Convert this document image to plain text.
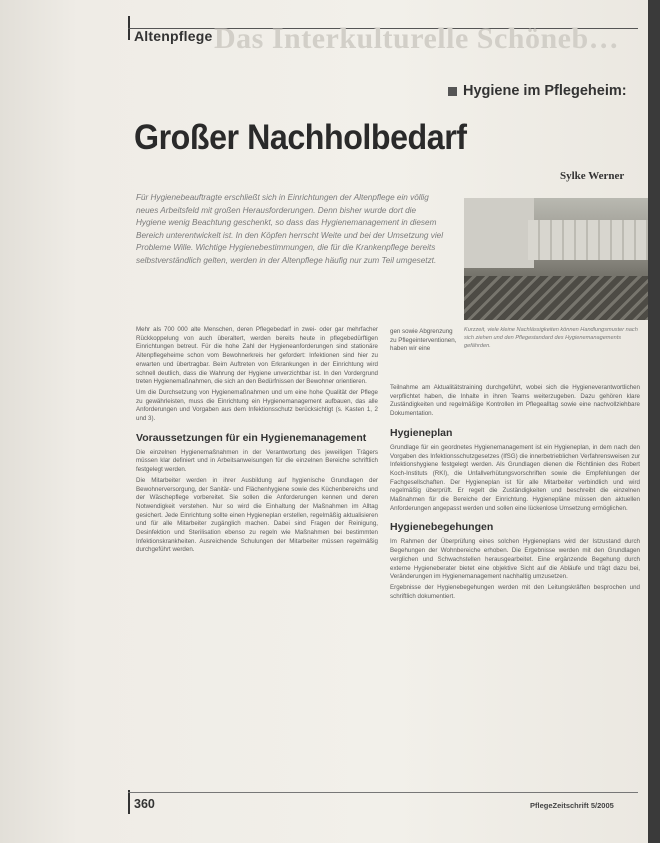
Altenpflege Das Interkulturelle Schöneb…
Hygiene im Pflegeheim:
Großer Nachholbedarf
Sylke Werner
Für Hygienebeauftragte erschließt sich in Einrichtungen der Altenpflege ein völlig neues Arbeitsfeld mit großen Herausforderungen. Denn bisher wurde dort die Hygiene wenig Beachtung geschenkt, so dass das Hygienemanagement in diesem Bereich unterentwickelt ist. In den Köpfen herrscht Weite und bei der Umsetzung viel Probleme Wille. Wichtige Hygienebestimmungen, die für die Krankenpflege bereits selbstverständlich gelten, werden in der Altenpflege häufig nur zum Teil umgesetzt.
Kurzzeit, viele kleine Nachlässigkeiten können Handlungsmuster nach sich ziehen und den Pflegestandard des Hygienemanagements gefährden.

Mehr als 700 000 alte Menschen, deren Pflegebedarf in zwei- oder gar mehrfacher Rückkoppelung von auch überaltert, werden bereits heute in pflegebedürftigen Einrichtungen betreut. Für die hohe Zahl der Hygieneanforderungen sind stationäre Altenpflegeheime schon vom Bewohnerkreis her gefordert: Infektionen sind hier zu erwarten und übertragbar. Beim Auftreten von Erkrankungen in der Einrichtung wird schnell deutlich, dass die Wahrung der Hygiene unverzichtbar ist. In den Vordergrund treten Hygienemaßnahmen, die sich an den Bedürfnissen der Bewohner orientieren.

Um die Durchsetzung von Hygienemaßnahmen und um eine hohe Qualität der Pflege zu gewährleisten, muss die Einrichtung ein Hygienemanagement aufbauen, das alle Anforderungen und Vorgaben aus dem Infektionsschutz berücksichtigt (s. Kasten 1, 2 und 3).

Voraussetzungen für ein Hygienemanagement

Die einzelnen Hygienemaßnahmen in der Verantwortung des jeweiligen Trägers müssen klar definiert und in Arbeitsanweisungen für die einzelnen Bereiche schriftlich festgelegt werden.

Die Mitarbeiter werden in ihrer Ausbildung auf hygienische Grundlagen der Bewohnerversorgung, der Sanitär- und Flächenhygiene sowie des Küchenbereichs und der Wäschepflege vorbereitet. Sie sollen die Anforderungen kennen und deren Notwendigkeit verstehen. Nur so wird die Einhaltung der Maßnahmen im Alltag gesichert. Jede Einrichtung sollte einen Hygieneplan erstellen, regelmäßig aktualisieren und für alle Mitarbeiter zugänglich machen. Dabei sind Fragen der Reinigung, Desinfektion und Sterilisation ebenso zu regeln wie Maßnahmen bei bestimmten Infektionskrankheiten. Ausreichende Schulungen der Mitarbeiter müssen regelmäßig durchgeführt werden.

gen sowie Abgrenzung zu Pflegeinterventionen, haben wir eine

Teilnahme am Aktualitätstraining durchgeführt, wobei sich die Hygieneverantwortlichen verpflichtet haben, die Inhalte in ihren Teams weiterzugeben. Dazu gehören klare Zuständigkeiten und regelmäßige Kontrollen im Pflegealltag sowie eine nachvollziehbare Dokumentation.

Hygieneplan

Grundlage für ein geordnetes Hygienemanagement ist ein Hygieneplan, in dem nach den Vorgaben des Infektionsschutzgesetzes (IfSG) die innerbetrieblichen Verfahrensweisen zur Infektionshygiene festgelegt werden. Als Grundlagen dienen die Richtlinien des Robert Koch-Instituts (RKI), die Unfallverhütungsvorschriften sowie die Empfehlungen der Fachgesellschaften. Der Hygieneplan ist für alle Mitarbeiter verbindlich und wird regelmäßig überprüft. Er regelt die Zuständigkeiten und beschreibt die einzelnen Maßnahmen für die Bereiche der Einrichtung. Hygienepläne müssen den aktuellen Anforderungen angepasst werden und sollen eine lückenlose Umsetzung ermöglichen.

Hygienebegehungen

Im Rahmen der Überprüfung eines solchen Hygieneplans wird der Istzustand durch Begehungen der Wohnbereiche erhoben. Die Ergebnisse werden mit den Grundlagen verglichen und Schwachstellen herausgearbeitet. Eine ergänzende Begehung durch externe Hygieneberater bietet eine objektive Sicht auf die Abläufe und trägt dazu bei, Veränderungen im Hygienemanagement nachhaltig umzusetzen.

Ergebnisse der Hygienebegehungen werden mit den Leitungskräften besprochen und schriftlich dokumentiert.

360	PflegeZeitschrift 5/2005
